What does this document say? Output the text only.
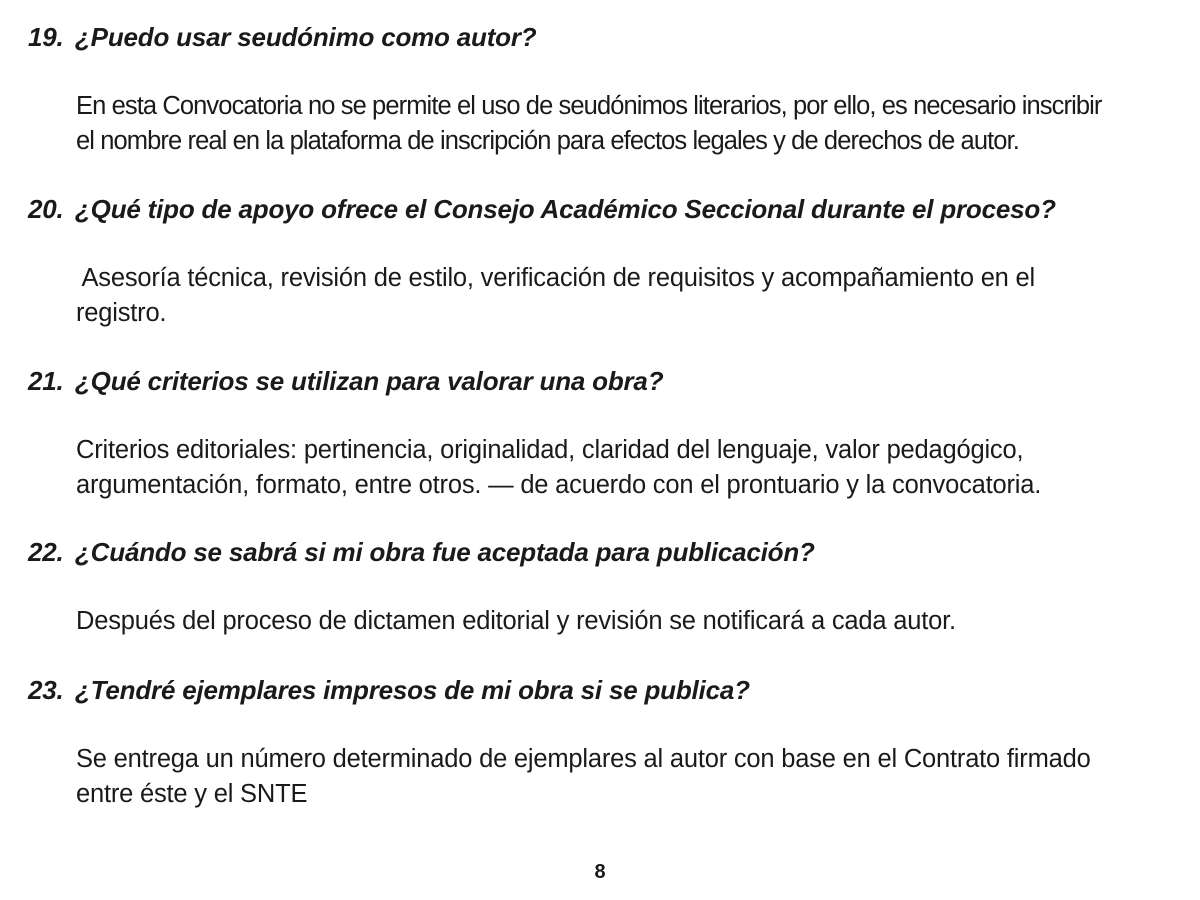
19. ¿Puedo usar seudónimo como autor?
En esta Convocatoria no se permite el uso de seudónimos literarios, por ello, es necesario inscribir
el nombre real en la plataforma de inscripción para efectos legales y de derechos de autor.
20. ¿Qué tipo de apoyo ofrece el Consejo Académico Seccional durante el proceso?
Asesoría técnica, revisión de estilo, verificación de requisitos y acompañamiento en el
registro.
21. ¿Qué criterios se utilizan para valorar una obra?
Criterios editoriales: pertinencia, originalidad, claridad del lenguaje, valor pedagógico,
argumentación, formato, entre otros. — de acuerdo con el prontuario y la convocatoria.
22. ¿Cuándo se sabrá si mi obra fue aceptada para publicación?
Después del proceso de dictamen editorial y revisión se notificará a cada autor.
23. ¿Tendré ejemplares impresos de mi obra si se publica?
Se entrega un número determinado de ejemplares al autor con base en el Contrato firmado
entre éste y el SNTE
8
